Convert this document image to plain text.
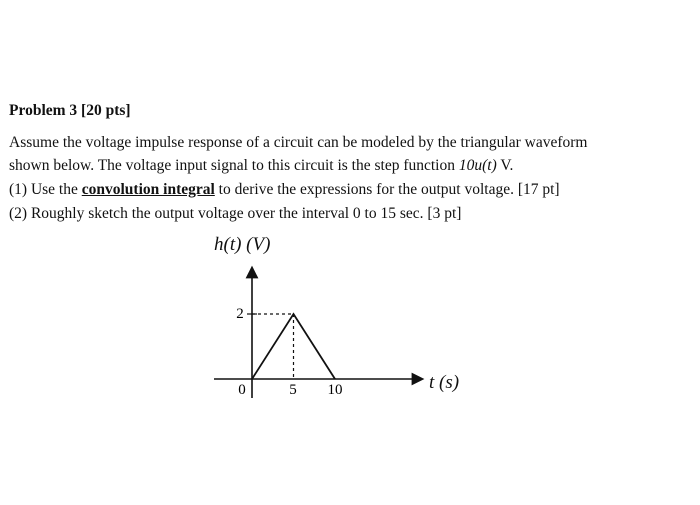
Problem 3 [20 pts]
Assume the voltage impulse response of a circuit can be modeled by the triangular waveform
shown below. The voltage input signal to this circuit is the step function 10u(t) V.
(1) Use the convolution integral to derive the expressions for the output voltage. [17 pt]
(2) Roughly sketch the output voltage over the interval 0 to 15 sec. [3 pt]
h(t) (V)
t (s)
2
0	5 10
